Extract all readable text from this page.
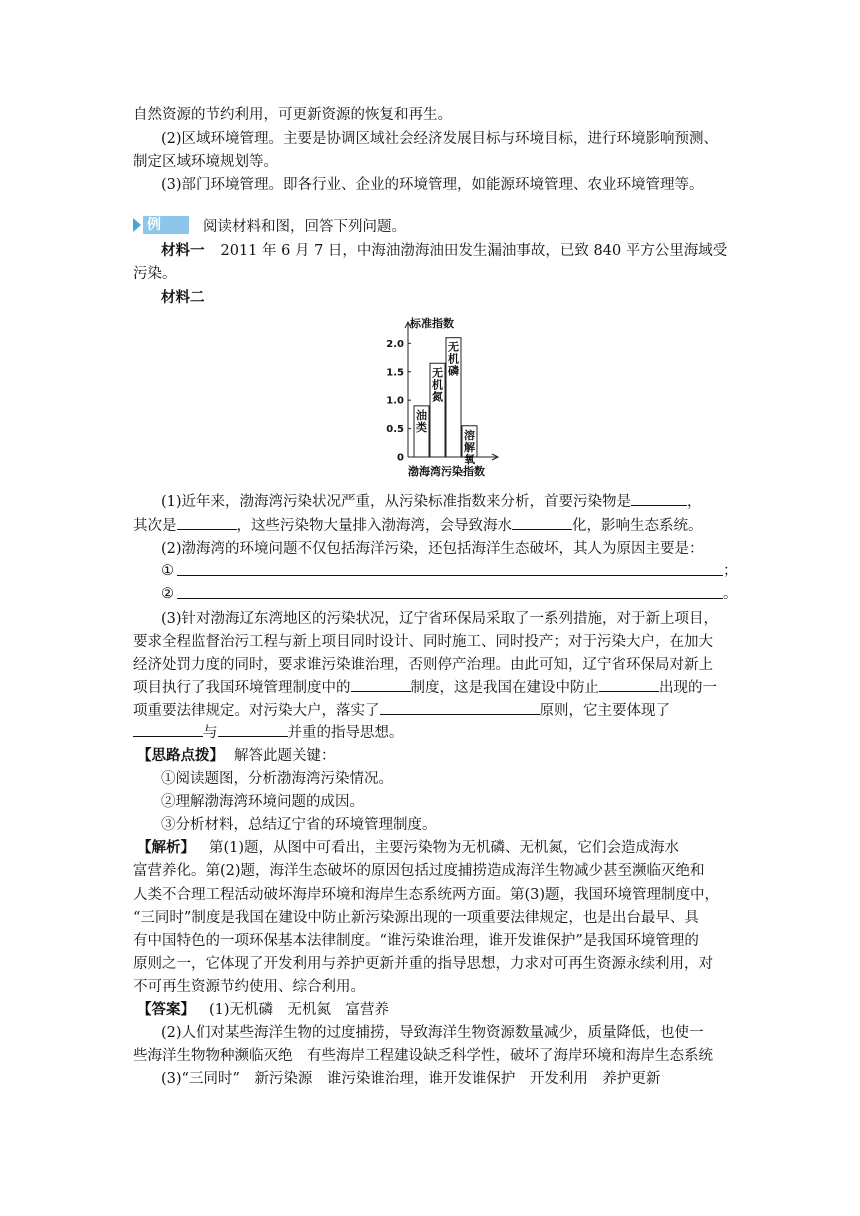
自然资源的节约利用，可更新资源的恢复和再生。
(2)区域环境管理。主要是协调区域社会经济发展目标与环境目标，进行环境影响预测、
制定区域环境规划等。
(3)部门环境管理。即各行业、企业的环境管理，如能源环境管理、农业环境管理等。
例	阅读材料和图，回答下列问题。
材料一 2011 年 6 月 7 日，中海油渤海油田发生漏油事故，已致 840 平方公里海域受
污染。
材料二
标准指数
渤海湾污染指数
0
0.5
1.0
1.5
2.0
油
类
无
机
氮
无
机
磷
溶
解
氧
(1)近年来，渤海湾污染状况严重，从污染标准指数来分析，首要污染物是	，
其次是	，这些污染物大量排入渤海湾，会导致海水	化，影响生态系统。
(2)渤海湾的环境问题不仅包括海洋污染，还包括海洋生态破坏，其人为原因主要是：
①	；
②	。
(3)针对渤海辽东湾地区的污染状况，辽宁省环保局采取了一系列措施，对于新上项目，
要求全程监督治污工程与新上项目同时设计、同时施工、同时投产；对于污染大户，在加大
经济处罚力度的同时，要求谁污染谁治理，否则停产治理。由此可知，辽宁省环保局对新上
项目执行了我国环境管理制度中的	制度，这是我国在建设中防止	出现的一
项重要法律规定。对污染大户，落实了	原则，它主要体现了
与	并重的指导思想。
【思路点拨】 解答此题关键：
①阅读题图，分析渤海湾污染情况。
②理解渤海湾环境问题的成因。
③分析材料，总结辽宁省的环境管理制度。
【解析】 第(1)题，从图中可看出，主要污染物为无机磷、无机氮，它们会造成海水
富营养化。第(2)题，海洋生态破坏的原因包括过度捕捞造成海洋生物减少甚至濒临灭绝和
人类不合理工程活动破坏海岸环境和海岸生态系统两方面。第(3)题，我国环境管理制度中，
“三同时”制度是我国在建设中防止新污染源出现的一项重要法律规定，也是出台最早、具
有中国特色的一项环保基本法律制度。“谁污染谁治理，谁开发谁保护”是我国环境管理的
原则之一，它体现了开发利用与养护更新并重的指导思想，力求对可再生资源永续利用，对
不可再生资源节约使用、综合利用。
【答案】 (1)无机磷　无机氮　富营养
(2)人们对某些海洋生物的过度捕捞，导致海洋生物资源数量减少，质量降低，也使一
些海洋生物物种濒临灭绝　有些海岸工程建设缺乏科学性，破坏了海岸环境和海岸生态系统
(3)“三同时”　新污染源　谁污染谁治理，谁开发谁保护　开发利用　养护更新
